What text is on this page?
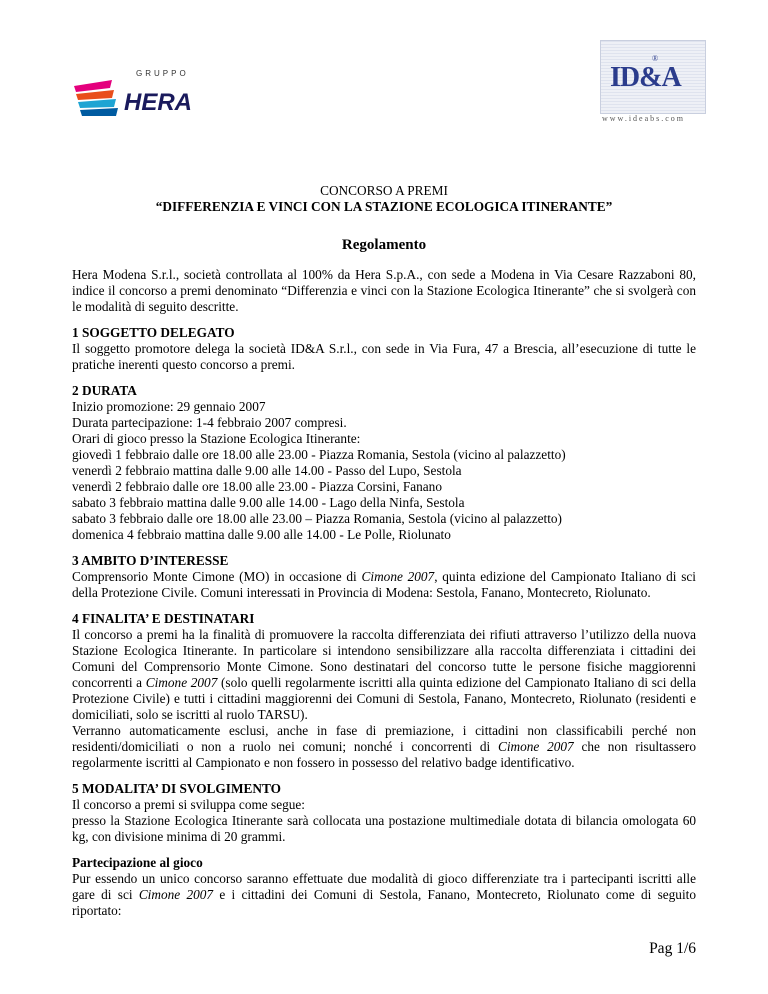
GRUPPO
HERA
ID&A
®
www.ideabs.com

CONCORSO A PREMI

“DIFFERENZIA E VINCI CON LA STAZIONE ECOLOGICA ITINERANTE”

Regolamento

Hera Modena S.r.l., società controllata al 100% da Hera S.p.A., con sede a Modena in Via Cesare Razzaboni 80, indice il concorso a premi denominato “Differenzia e vinci con la Stazione Ecologica Itinerante” che si svolgerà con le modalità di seguito descritte.

1 SOGGETTO DELEGATO

Il soggetto promotore delega la società ID&A S.r.l., con sede in Via Fura, 47 a Brescia, all’esecuzione di tutte le pratiche inerenti questo concorso a premi.

2 DURATA

Inizio promozione: 29 gennaio 2007

Durata partecipazione: 1-4 febbraio 2007 compresi.

Orari di gioco presso la Stazione Ecologica Itinerante:

giovedì 1 febbraio dalle ore 18.00 alle 23.00 - Piazza Romania, Sestola (vicino al palazzetto)

venerdì 2 febbraio mattina dalle 9.00 alle 14.00 - Passo del Lupo, Sestola

venerdì 2 febbraio dalle ore 18.00 alle 23.00 - Piazza Corsini, Fanano

sabato 3 febbraio mattina dalle 9.00 alle 14.00 - Lago della Ninfa, Sestola

sabato 3 febbraio dalle ore 18.00 alle 23.00 – Piazza Romania, Sestola (vicino al palazzetto)

domenica 4 febbraio mattina dalle 9.00 alle 14.00 - Le Polle, Riolunato

3 AMBITO D’INTERESSE

Comprensorio Monte Cimone (MO) in occasione di Cimone 2007, quinta edizione del Campionato Italiano di sci della Protezione Civile. Comuni interessati in Provincia di Modena: Sestola, Fanano, Montecreto, Riolunato.

4 FINALITA’ E DESTINATARI

Il concorso a premi ha la finalità di promuovere la raccolta differenziata dei rifiuti attraverso l’utilizzo della nuova Stazione Ecologica Itinerante. In particolare si intendono sensibilizzare alla raccolta differenziata i cittadini dei Comuni del Comprensorio Monte Cimone. Sono destinatari del concorso tutte le persone fisiche maggiorenni concorrenti a Cimone 2007 (solo quelli regolarmente iscritti alla quinta edizione del Campionato Italiano di sci della Protezione Civile) e tutti i cittadini maggiorenni dei Comuni di Sestola, Fanano, Montecreto, Riolunato (residenti e domiciliati, solo se iscritti al ruolo TARSU).

Verranno automaticamente esclusi, anche in fase di premiazione, i cittadini non classificabili perché non residenti/domiciliati o non a ruolo nei comuni; nonché i concorrenti di Cimone 2007 che non risultassero regolarmente iscritti al Campionato e non fossero in possesso del relativo badge identificativo.

5 MODALITA’ DI SVOLGIMENTO

Il concorso a premi si sviluppa come segue:

presso la Stazione Ecologica Itinerante sarà collocata una postazione multimediale dotata di bilancia omologata 60 kg, con divisione minima di 20 grammi.

Partecipazione al gioco

Pur essendo un unico concorso saranno effettuate due modalità di gioco differenziate tra i partecipanti iscritti alle gare di sci Cimone 2007 e i cittadini dei Comuni di Sestola, Fanano, Montecreto, Riolunato come di seguito riportato:

Pag 1/6
